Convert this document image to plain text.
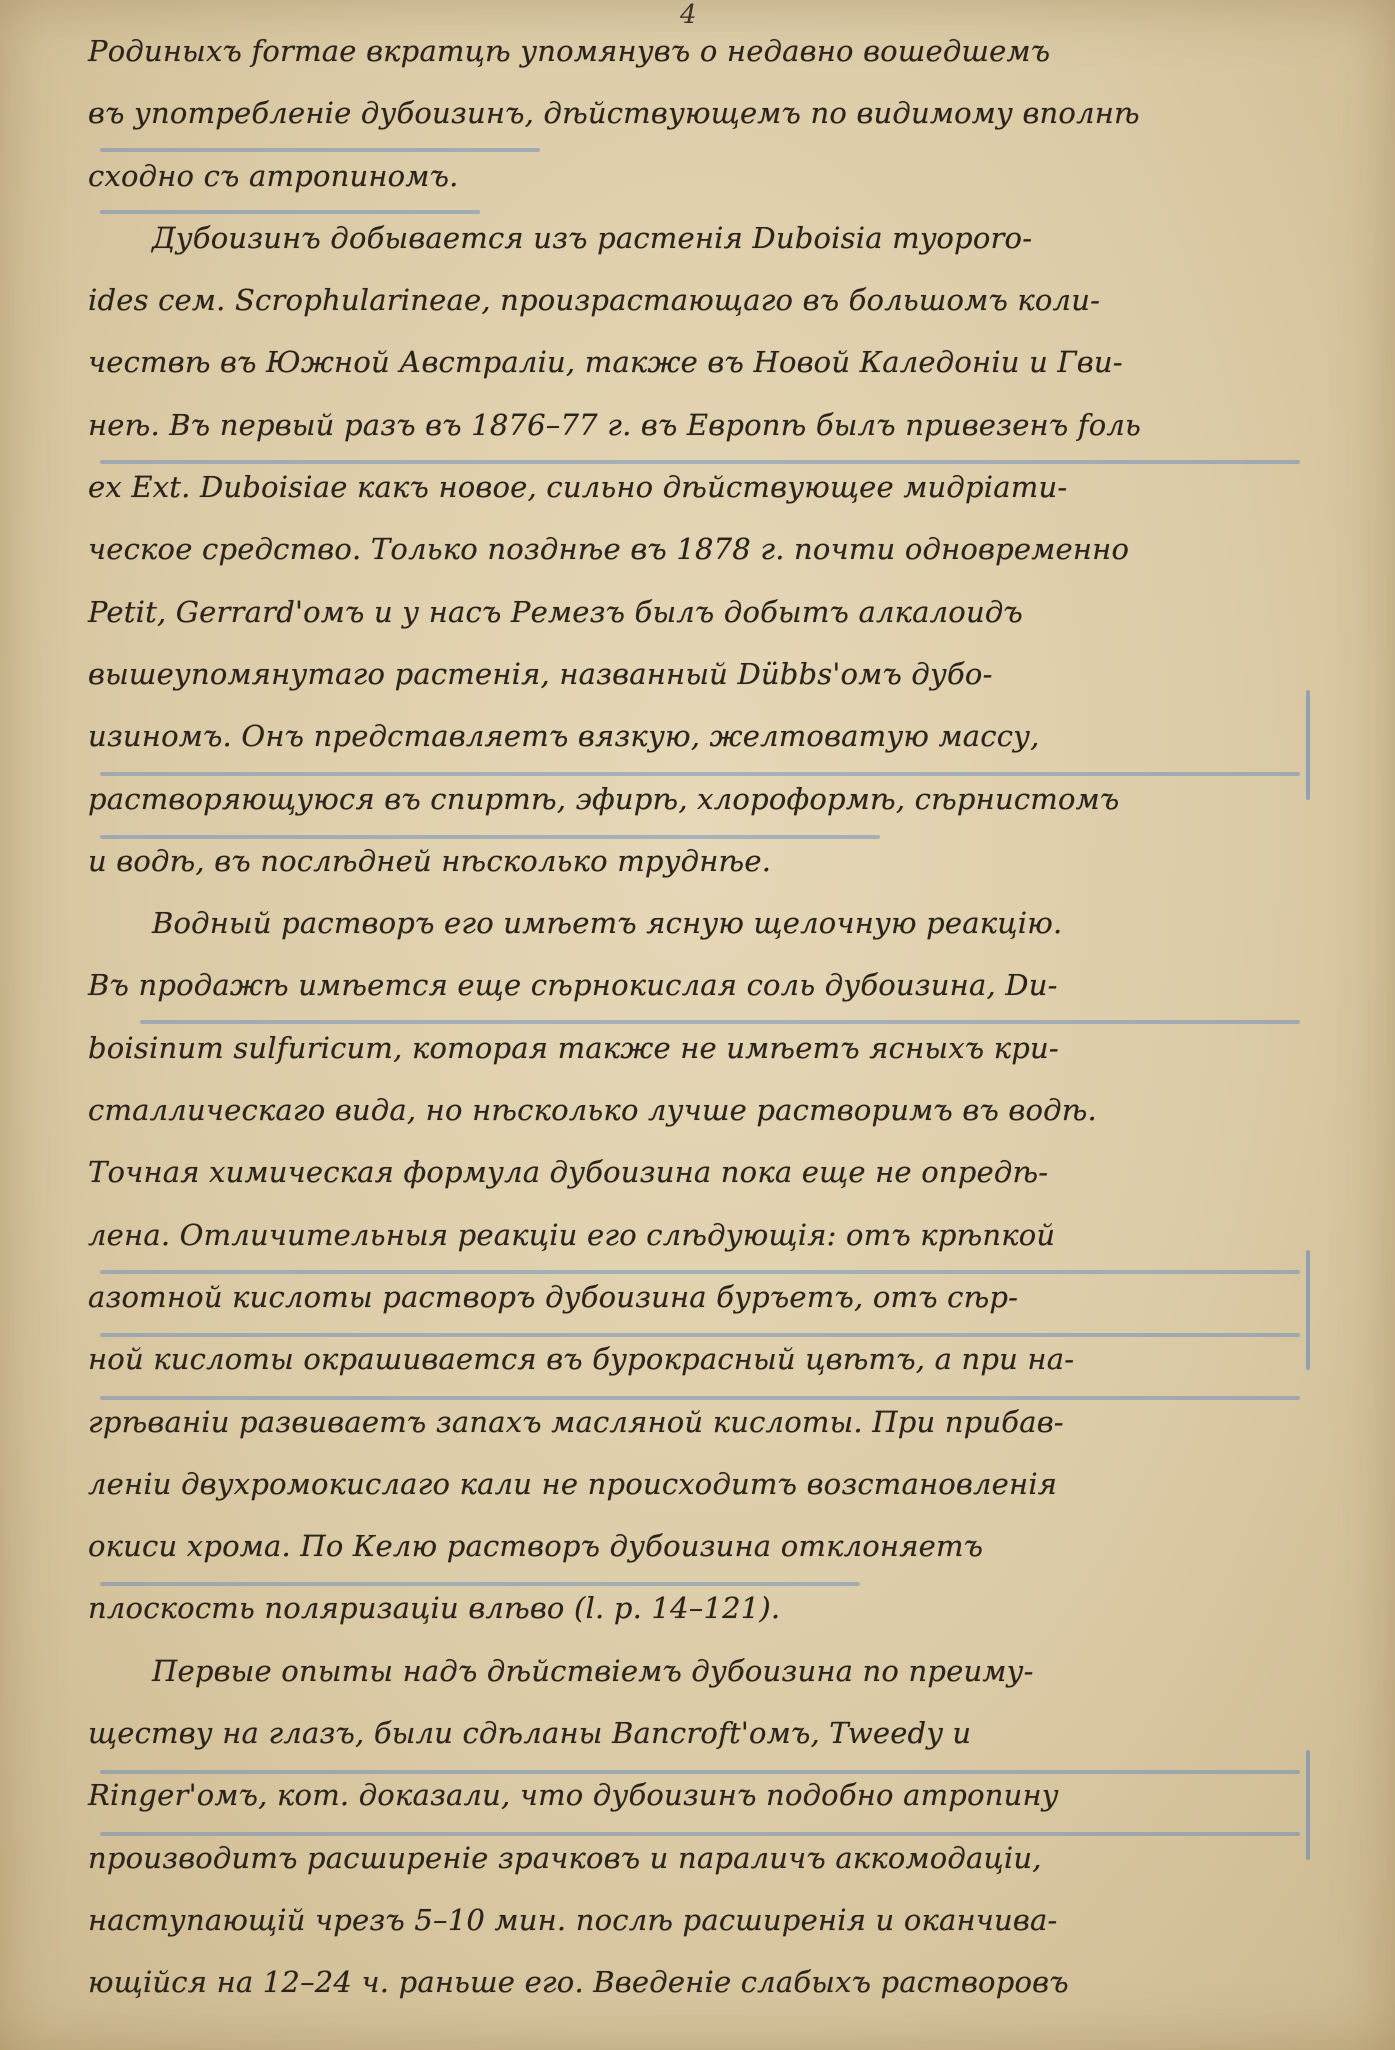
4
Родиныхъ formae вкратцѣ упомянувъ о недавно вошедшемъ
въ употребленіе дубоизинъ, дѣйствующемъ по видимому вполнѣ
сходно съ атропиномъ.
Дубоизинъ добывается изъ растенія Duboisia myoporo-
ides сем. Scrophularineae, произрастающаго въ большомъ коли-
чествѣ въ Южной Австраліи, также въ Новой Каледоніи и Гви-
неѣ. Въ первый разъ въ 1876–77 г. въ Европѣ былъ привезенъ fоль
ex Ext. Duboisiae какъ новое, сильно дѣйствующее мидріати-
ческое средство. Только позднѣе въ 1878 г. почти одновременно
Petit, Gerrard'омъ и у насъ Ремезъ былъ добытъ алкалоидъ
вышеупомянутаго растенія, названный Dübbs'омъ дубо-
изиномъ. Онъ представляетъ вязкую, желтоватую массу,
растворяющуюся въ спиртѣ, эфирѣ, хлороформѣ, сѣрнистомъ
и водѣ, въ послѣдней нѣсколько труднѣе.
Водный растворъ его имѣетъ ясную щелочную реакцію.
Въ продажѣ имѣется еще сѣрнокислая соль дубоизина, Du-
boisinum sulfuricum, которая также не имѣетъ ясныхъ кри-
сталлическаго вида, но нѣсколько лучше растворимъ въ водѣ.
Точная химическая формула дубоизина пока еще не опредѣ-
лена. Отличительныя реакціи его слѣдующія: отъ крѣпкой
азотной кислоты растворъ дубоизина буръетъ, отъ сѣр-
ной кислоты окрашивается въ бурокрасный цвѣтъ, а при на-
грѣваніи развиваетъ запахъ масляной кислоты. При прибав-
леніи двухромокислаго кали не происходитъ возстановленія
окиси хрома. По Келю растворъ дубоизина отклоняетъ
плоскость поляризаціи влѣво (l. p. 14–121).
Первые опыты надъ дѣйствіемъ дубоизина по преиму-
ществу на глазъ, были сдѣланы Bancroft'омъ, Tweedy и
Ringer'омъ, кот. доказали, что дубоизинъ подобно атропину
производитъ расширеніе зрачковъ и параличъ аккомодаціи,
наступающій чрезъ 5–10 мин. послѣ расширенія и оканчива-
ющійся на 12–24 ч. раньше его. Введеніе слабыхъ растворовъ
